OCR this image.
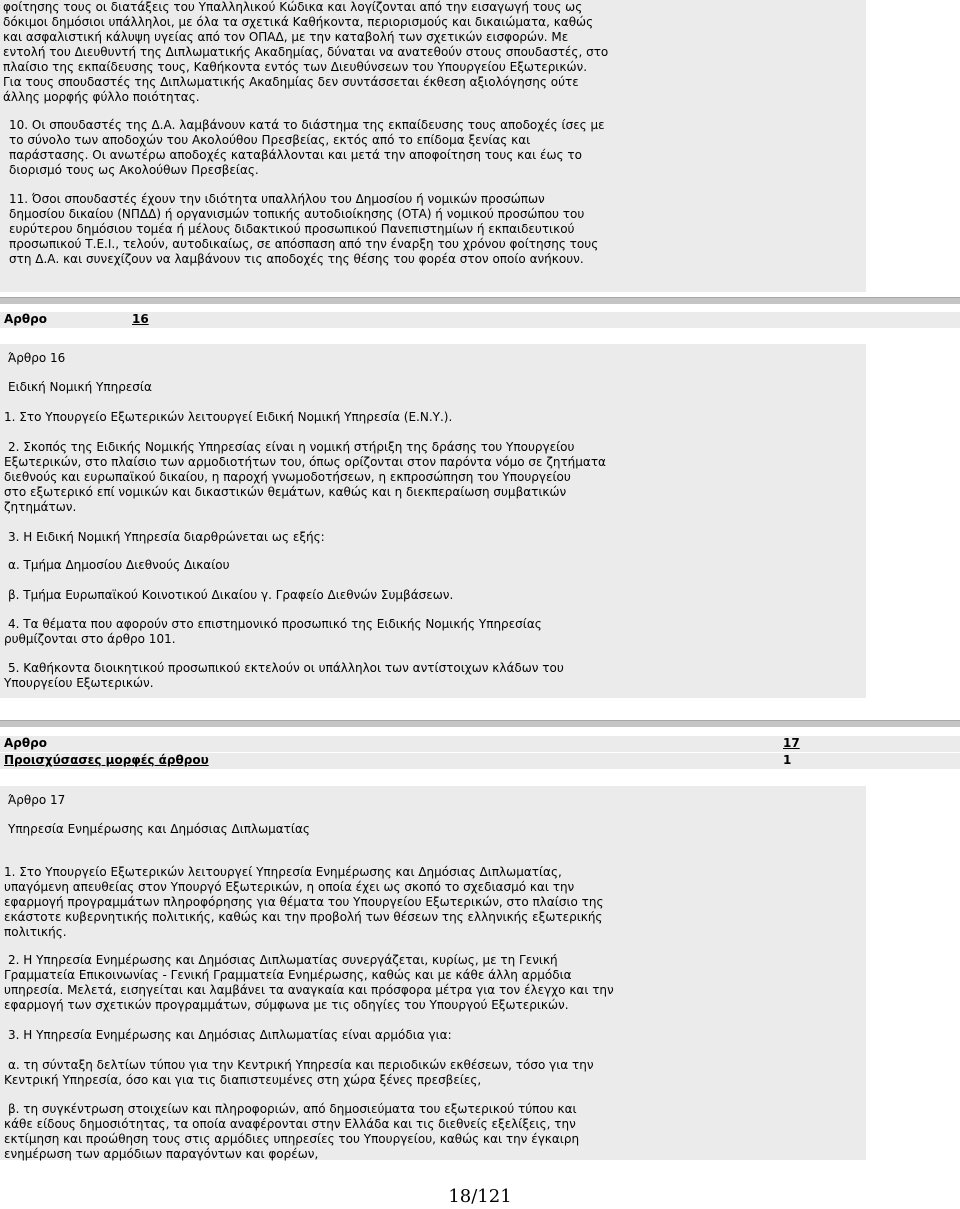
φοίτησης τους οι διατάξεις του Υπαλληλικού Κώδικα και λογίζονται από την εισαγωγή τους ως
δόκιμοι δημόσιοι υπάλληλοι, με όλα τα σχετικά Καθήκοντα, περιορισμούς και δικαιώματα, καθώς
και ασφαλιστική κάλυψη υγείας από τον ΟΠΑΔ, με την καταβολή των σχετικών εισφορών. Με
εντολή του Διευθυντή της Διπλωματικής Ακαδημίας, δύναται να ανατεθούν στους σπουδαστές, στο
πλαίσιο της εκπαίδευσης τους, Καθήκοντα εντός των Διευθύνσεων του Υπουργείου Εξωτερικών.
Για τους σπουδαστές της Διπλωματικής Ακαδημίας δεν συντάσσεται έκθεση αξιολόγησης ούτε
άλλης μορφής φύλλο ποιότητας.

10. Οι σπουδαστές της Δ.Α. λαμβάνουν κατά το διάστημα της εκπαίδευσης τους αποδοχές ίσες με
το σύνολο των αποδοχών του Ακολούθου Πρεσβείας, εκτός από το επίδομα ξενίας και
παράστασης. Οι ανωτέρω αποδοχές καταβάλλονται και μετά την αποφοίτηση τους και έως το
διορισμό τους ως Ακολούθων Πρεσβείας.

11. Όσοι σπουδαστές έχουν την ιδιότητα υπαλλήλου του Δημοσίου ή νομικών προσώπων
δημοσίου δικαίου (ΝΠΔΔ) ή οργανισμών τοπικής αυτοδιοίκησης (ΟΤΑ) ή νομικού προσώπου του
ευρύτερου δημόσιου τομέα ή μέλους διδακτικού προσωπικού Πανεπιστημίων ή εκπαιδευτικού
προσωπικού Τ.Ε.Ι., τελούν, αυτοδικαίως, σε απόσπαση από την έναρξη του χρόνου φοίτησης τους
στη Δ.Α. και συνεχίζουν να λαμβάνουν τις αποδοχές της θέσης του φορέα στον οποίο ανήκουν.

Αρθρο	16

Άρθρο 16

Ειδική Νομική Υπηρεσία

1. Στο Υπουργείο Εξωτερικών λειτουργεί Ειδική Νομική Υπηρεσία (Ε.Ν.Υ.).

2. Σκοπός της Ειδικής Νομικής Υπηρεσίας είναι η νομική στήριξη της δράσης του Υπουργείου
Εξωτερικών, στο πλαίσιο των αρμοδιοτήτων του, όπως ορίζονται στον παρόντα νόμο σε ζητήματα
διεθνούς και ευρωπαϊκού δικαίου, η παροχή γνωμοδοτήσεων, η εκπροσώπηση του Υπουργείου
στο εξωτερικό επί νομικών και δικαστικών θεμάτων, καθώς και η διεκπεραίωση συμβατικών
ζητημάτων.

3. Η Ειδική Νομική Υπηρεσία διαρθρώνεται ως εξής:

α. Τμήμα Δημοσίου Διεθνούς Δικαίου

β. Τμήμα Ευρωπαϊκού Κοινοτικού Δικαίου γ. Γραφείο Διεθνών Συμβάσεων.

4. Τα θέματα που αφορούν στο επιστημονικό προσωπικό της Ειδικής Νομικής Υπηρεσίας
ρυθμίζονται στο άρθρο 101.

5. Καθήκοντα διοικητικού προσωπικού εκτελούν οι υπάλληλοι των αντίστοιχων κλάδων του
Υπουργείου Εξωτερικών.

Αρθρο	17
Προισχύσασες μορφές άρθρου	1

Άρθρο 17

Υπηρεσία Ενημέρωσης και Δημόσιας Διπλωματίας

1. Στο Υπουργείο Εξωτερικών λειτουργεί Υπηρεσία Ενημέρωσης και Δημόσιας Διπλωματίας,
υπαγόμενη απευθείας στον Υπουργό Εξωτερικών, η οποία έχει ως σκοπό το σχεδιασμό και την
εφαρμογή προγραμμάτων πληροφόρησης για θέματα του Υπουργείου Εξωτερικών, στο πλαίσιο της
εκάστοτε κυβερνητικής πολιτικής, καθώς και την προβολή των θέσεων της ελληνικής εξωτερικής
πολιτικής.

2. Η Υπηρεσία Ενημέρωσης και Δημόσιας Διπλωματίας συνεργάζεται, κυρίως, με τη Γενική
Γραμματεία Επικοινωνίας - Γενική Γραμματεία Ενημέρωσης, καθώς και με κάθε άλλη αρμόδια
υπηρεσία. Μελετά, εισηγείται και λαμβάνει τα αναγκαία και πρόσφορα μέτρα για τον έλεγχο και την
εφαρμογή των σχετικών προγραμμάτων, σύμφωνα με τις οδηγίες του Υπουργού Εξωτερικών.

3. Η Υπηρεσία Ενημέρωσης και Δημόσιας Διπλωματίας είναι αρμόδια για:

α. τη σύνταξη δελτίων τύπου για την Κεντρική Υπηρεσία και περιοδικών εκθέσεων, τόσο για την
Κεντρική Υπηρεσία, όσο και για τις διαπιστευμένες στη χώρα ξένες πρεσβείες,

β. τη συγκέντρωση στοιχείων και πληροφοριών, από δημοσιεύματα του εξωτερικού τύπου και
κάθε είδους δημοσιότητας, τα οποία αναφέρονται στην Ελλάδα και τις διεθνείς εξελίξεις, την
εκτίμηση και προώθηση τους στις αρμόδιες υπηρεσίες του Υπουργείου, καθώς και την έγκαιρη
ενημέρωση των αρμόδιων παραγόντων και φορέων,

18/121
